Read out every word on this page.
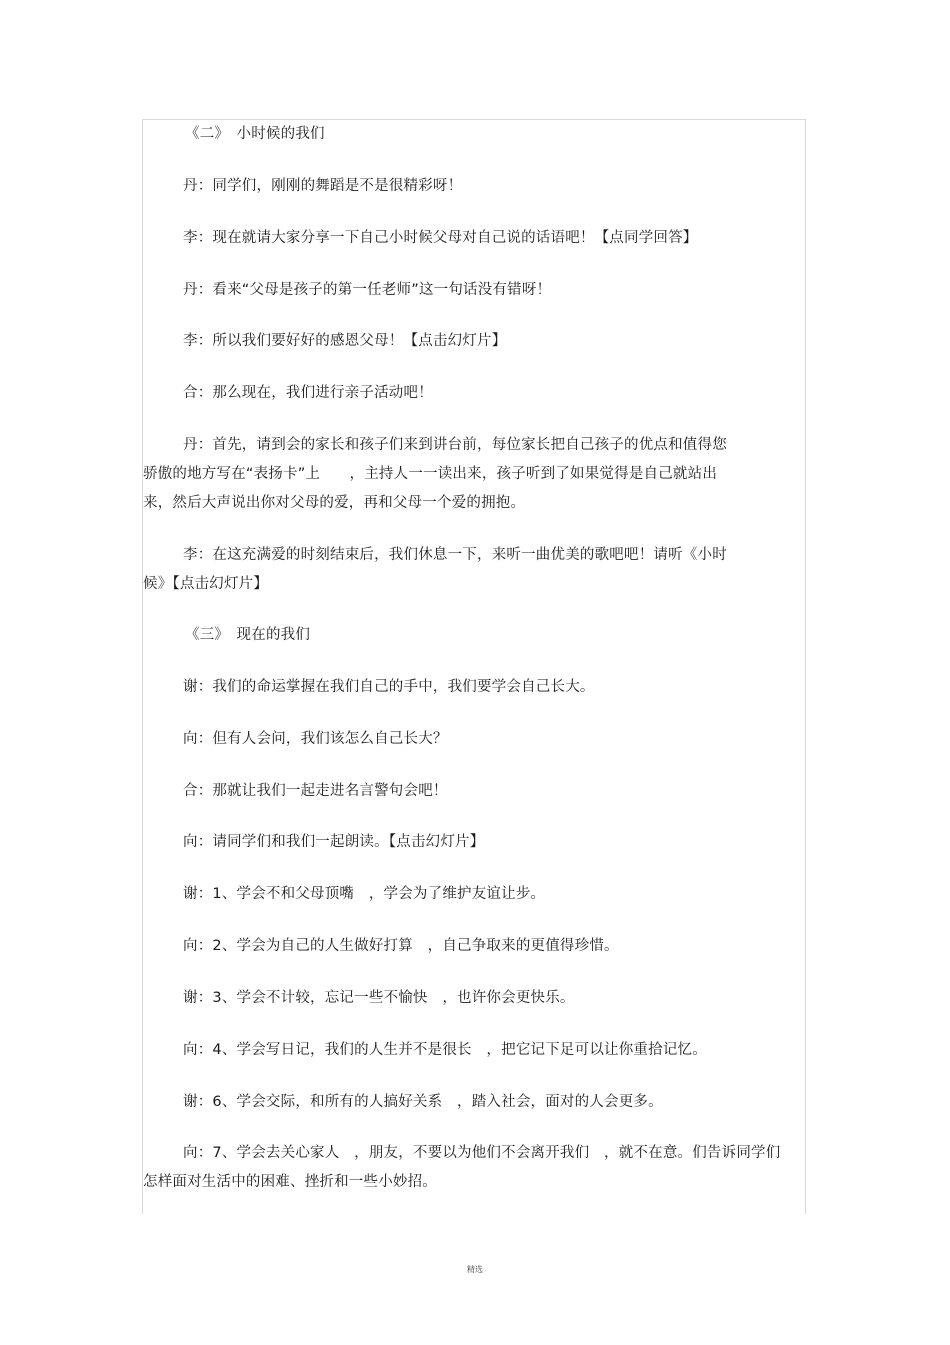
《二》　小时候的我们
丹：同学们，刚刚的舞蹈是不是很精彩呀！
李：现在就请大家分享一下自己小时候父母对自己说的话语吧！【点同学回答】
丹：看来“父母是孩子的第一任老师”这一句话没有错呀！
李：所以我们要好好的感恩父母！【点击幻灯片】
合：那么现在，我们进行亲子活动吧！
丹：首先，请到会的家长和孩子们来到讲台前，每位家长把自己孩子的优点和值得您
骄傲的地方写在“表扬卡”上　　，主持人一一读出来，孩子听到了如果觉得是自己就站出
来，然后大声说出你对父母的爱，再和父母一个爱的拥抱。
李：在这充满爱的时刻结束后，我们休息一下，来听一曲优美的歌吧吧！请听《小时
候》【点击幻灯片】
《三》　现在的我们
谢：我们的命运掌握在我们自己的手中，我们要学会自己长大。
向：但有人会问，我们该怎么自己长大？
合：那就让我们一起走进名言警句会吧！
向：请同学们和我们一起朗读。【点击幻灯片】
谢：1、学会不和父母顶嘴　，学会为了维护友谊让步。
向：2、学会为自己的人生做好打算　，自己争取来的更值得珍惜。
谢：3、学会不计较，忘记一些不愉快　，也许你会更快乐。
向：4、学会写日记，我们的人生并不是很长　，把它记下足可以让你重拾记忆。
谢：6、学会交际，和所有的人搞好关系　，踏入社会，面对的人会更多。
向：7、学会去关心家人　，朋友，不要以为他们不会离开我们　，就不在意。们告诉同学们
怎样面对生活中的困难、挫折和一些小妙招。
精选
